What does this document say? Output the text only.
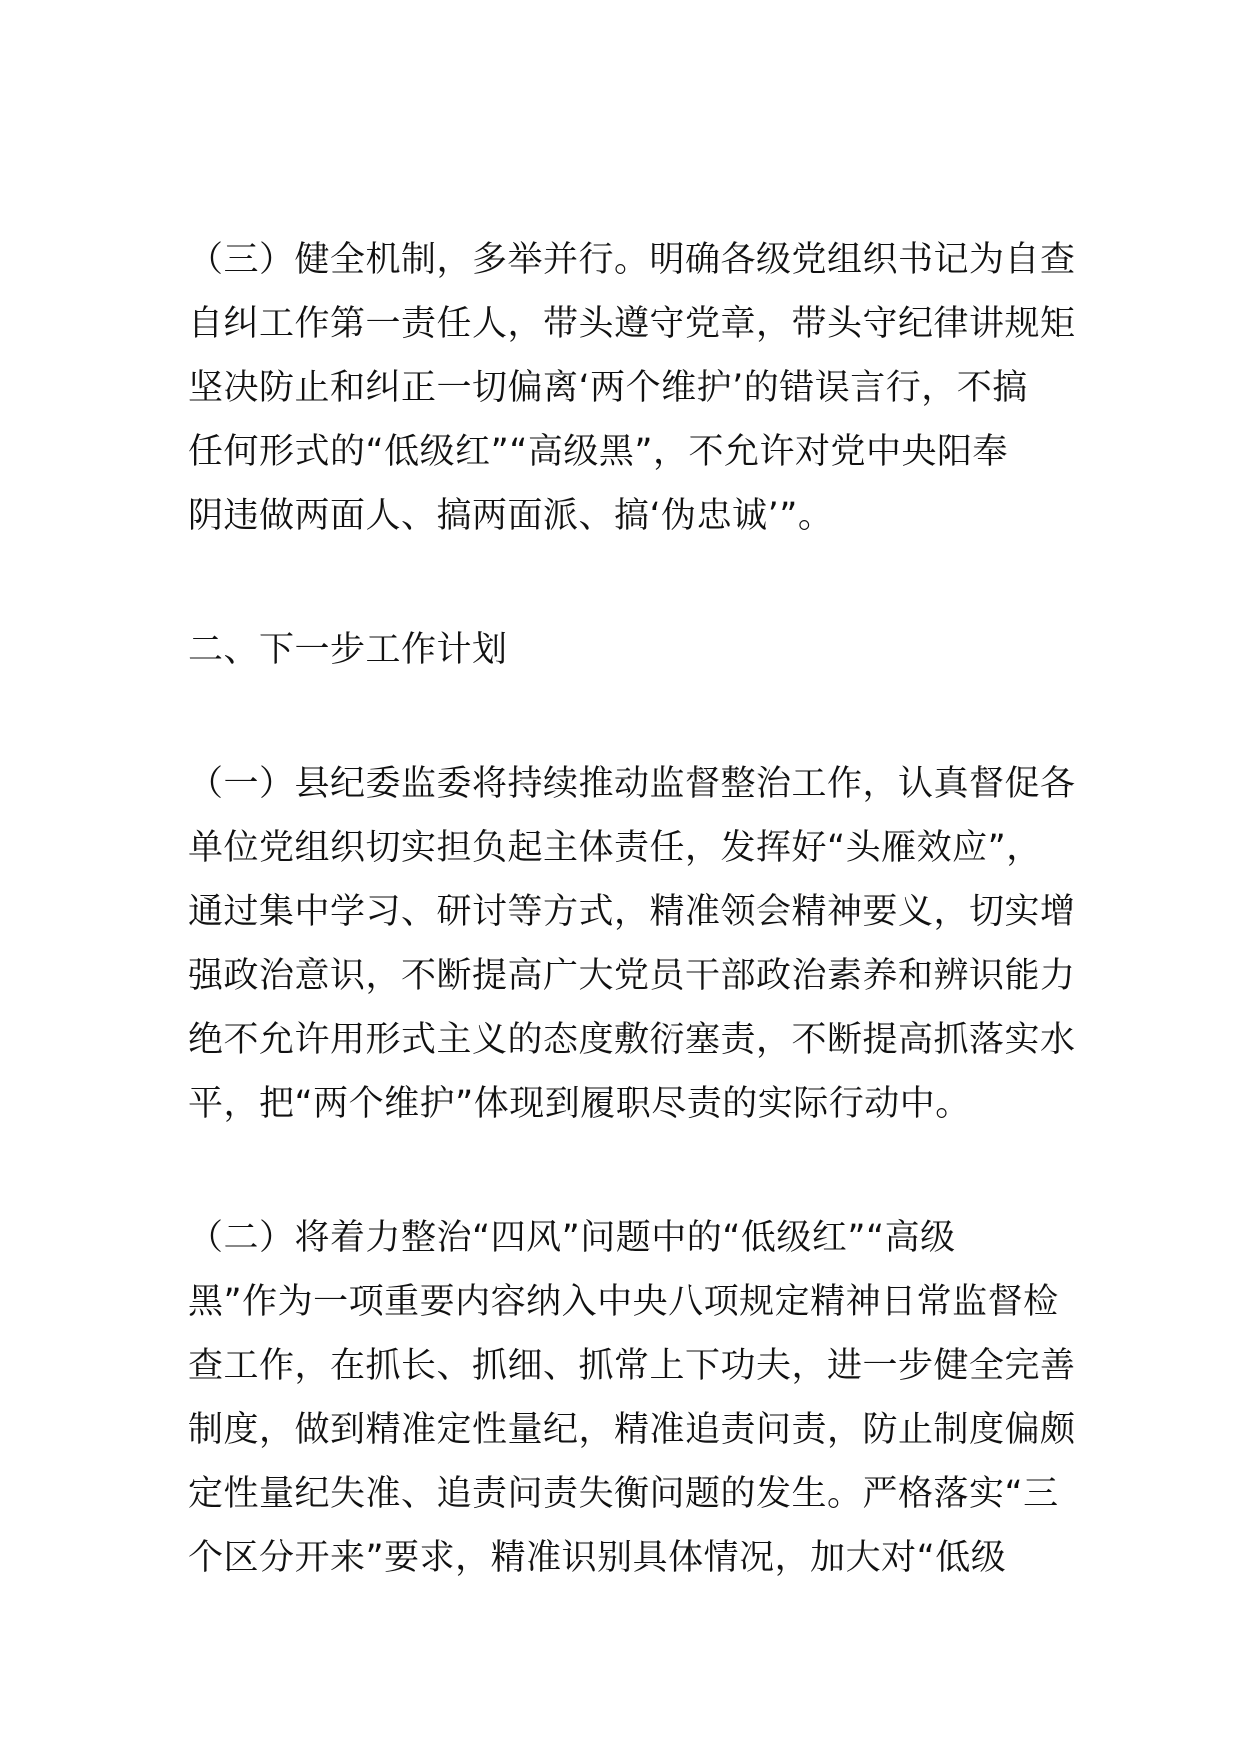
（三）健全机制，多举并行。明确各级党组织书记为自查
自纠工作第一责任人，带头遵守党章，带头守纪律讲规矩
坚决防止和纠正一切偏离‘两个维护’的错误言行，不搞
任何形式的“低级红”“高级黑”，不允许对党中央阳奉
阴违做两面人、搞两面派、搞‘伪忠诚’”。
二、下一步工作计划
（一）县纪委监委将持续推动监督整治工作，认真督促各
单位党组织切实担负起主体责任，发挥好“头雁效应”，
通过集中学习、研讨等方式，精准领会精神要义，切实增
强政治意识，不断提高广大党员干部政治素养和辨识能力
绝不允许用形式主义的态度敷衍塞责，不断提高抓落实水
平，把“两个维护”体现到履职尽责的实际行动中。
（二）将着力整治“四风”问题中的“低级红”“高级
黑”作为一项重要内容纳入中央八项规定精神日常监督检
查工作，在抓长、抓细、抓常上下功夫，进一步健全完善
制度，做到精准定性量纪，精准追责问责，防止制度偏颇
定性量纪失准、追责问责失衡问题的发生。严格落实“三
个区分开来”要求，精准识别具体情况，加大对“低级
